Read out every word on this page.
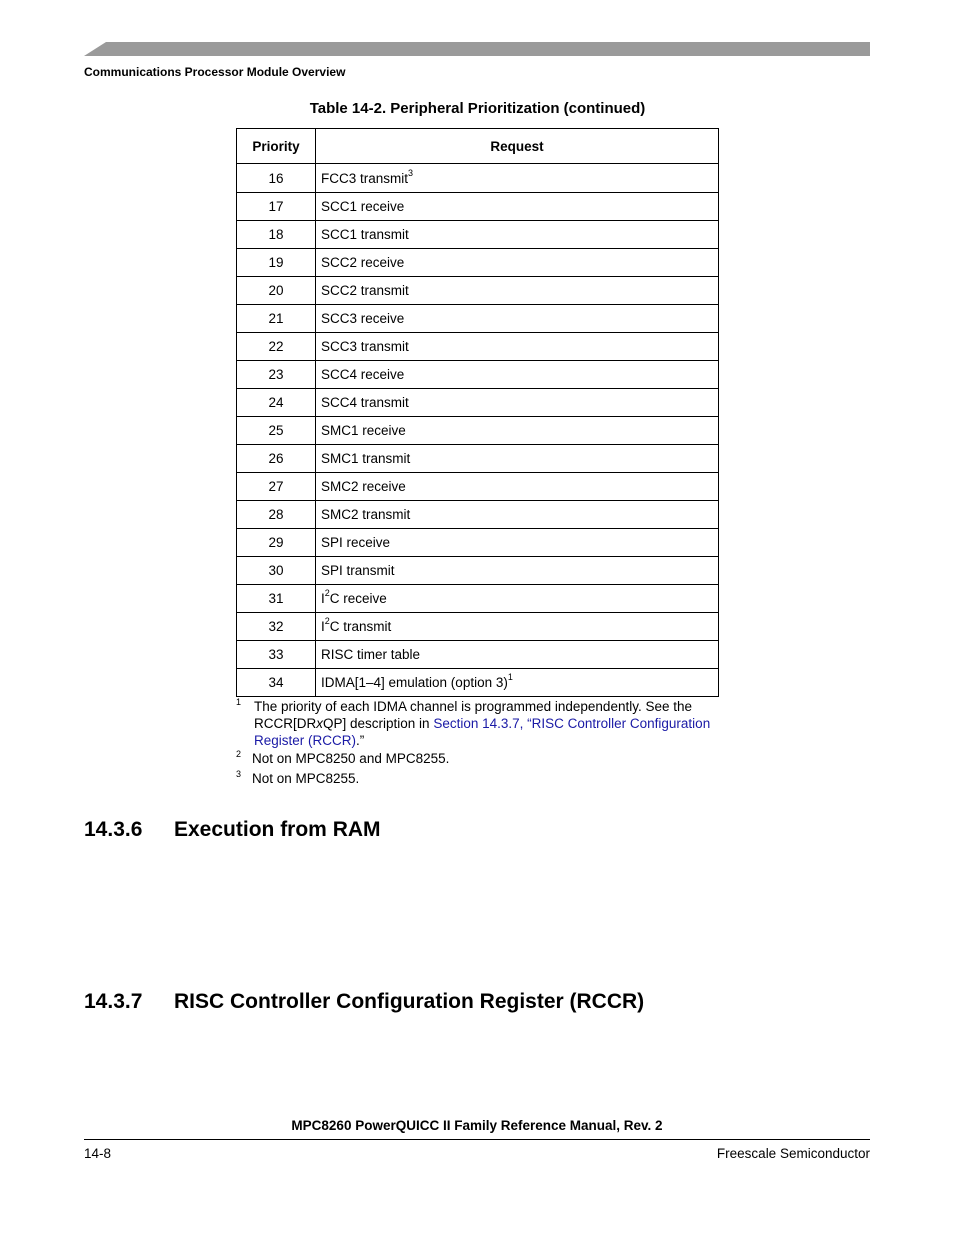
Communications Processor Module Overview
Table 14-2. Peripheral Prioritization (continued)
Priority	Request
16	FCC3 transmit$^3$
17	SCC1 receive
18	SCC1 transmit
19	SCC2 receive
20	SCC2 transmit
21	SCC3 receive
22	SCC3 transmit
23	SCC4 receive
24	SCC4 transmit
25	SMC1 receive
26	SMC1 transmit
27	SMC2 receive
28	SMC2 transmit
29	SPI receive
30	SPI transmit
31	$I^2C$ receive
32	$I^2C$ transmit
33	RISC timer table
34	IDMA[1–4] emulation (option 3)$^1$

1 The priority of each IDMA channel is programmed independently. See the RCCR[DRxQP] description in Section 14.3.7, “RISC Controller Configuration Register (RCCR).”

2 Not on MPC8250 and MPC8255.

3 Not on MPC8255.

14.3.6 Execution from RAM
14.3.7 RISC Controller Configuration Register (RCCR)
MPC8260 PowerQUICC II Family Reference Manual, Rev. 2
14-8	Freescale Semiconductor
